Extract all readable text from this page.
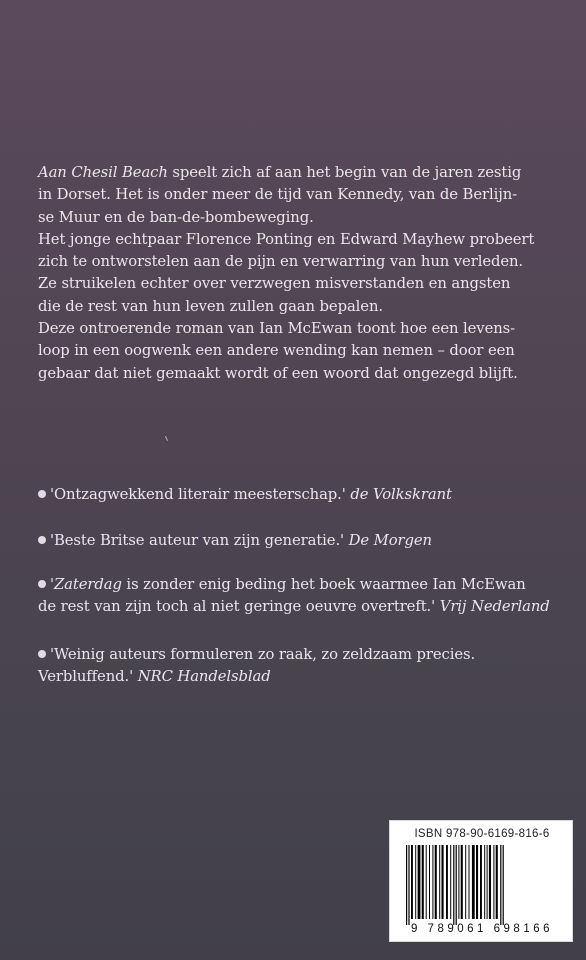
Aan Chesil Beach speelt zich af aan het begin van de jaren zestig

in Dorset. Het is onder meer de tijd van Kennedy, van de Berlijn-

se Muur en de ban-de-bombeweging.

Het jonge echtpaar Florence Ponting en Edward Mayhew probeert

zich te ontworstelen aan de pijn en verwarring van hun verleden.

Ze struikelen echter over verzwegen misverstanden en angsten

die de rest van hun leven zullen gaan bepalen.

Deze ontroerende roman van Ian McEwan toont hoe een levens-

loop in een oogwenk een andere wending kan nemen – door een

gebaar dat niet gemaakt wordt of een woord dat ongezegd blijft.

'Ontzagwekkend literair meesterschap.' de Volkskrant
'Beste Britse auteur van zijn generatie.' De Morgen
'Zaterdag is zonder enig beding het boek waarmee Ian McEwan
de rest van zijn toch al niet geringe oeuvre overtreft.' Vrij Nederland
'Weinig auteurs formuleren zo raak, zo zeldzaam precies.
Verbluffend.' NRC Handelsblad
ISBN 978-90-6169-816-6
9 789061 698166
